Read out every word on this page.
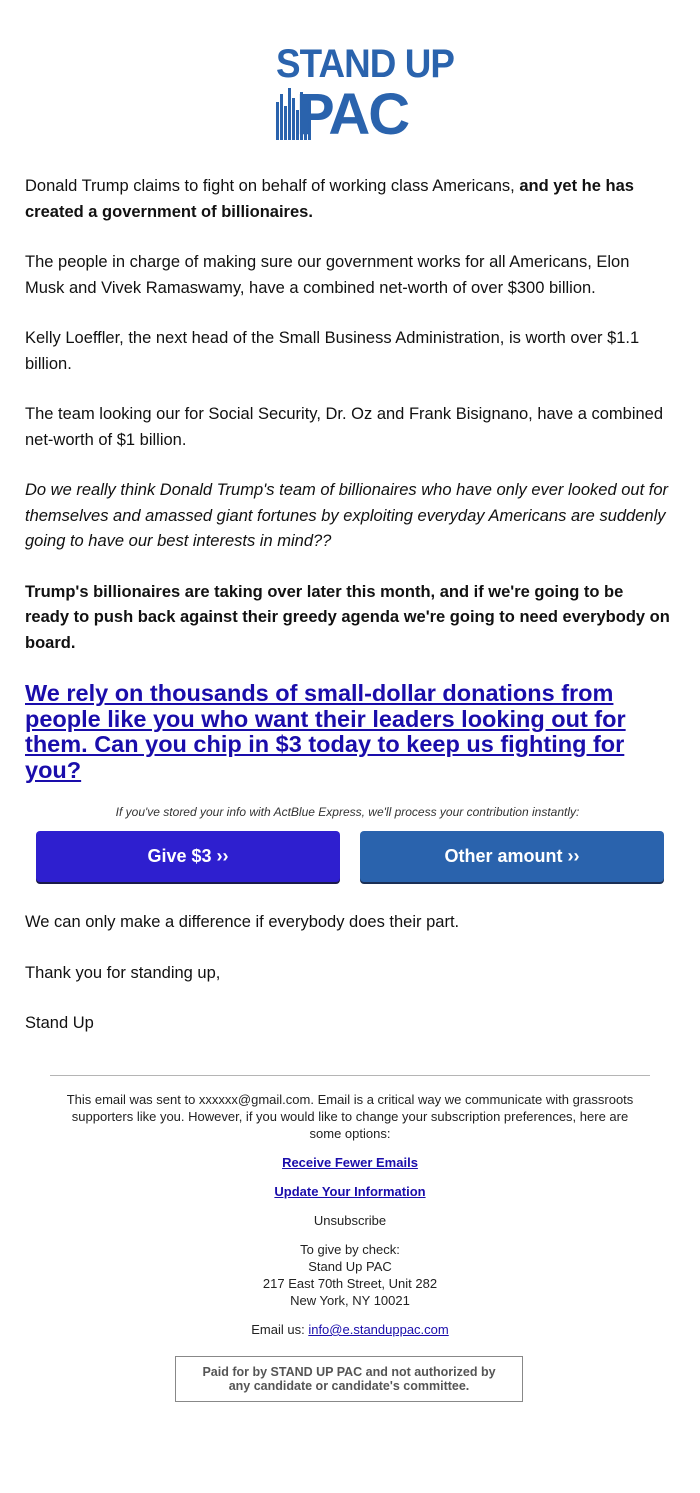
STAND UP
PAC

Donald Trump claims to fight on behalf of working class Americans, and yet he has created a government of billionaires.

The people in charge of making sure our government works for all Americans, Elon Musk and Vivek Ramaswamy, have a combined net-worth of over $300 billion.

Kelly Loeffler, the next head of the Small Business Administration, is worth over $1.1 billion.

The team looking our for Social Security, Dr. Oz and Frank Bisignano, have a combined net-worth of $1 billion.

Do we really think Donald Trump's team of billionaires who have only ever looked out for themselves and amassed giant fortunes by exploiting everyday Americans are suddenly going to have our best interests in mind??

Trump's billionaires are taking over later this month, and if we're going to be ready to push back against their greedy agenda we're going to need everybody on board.

We rely on thousands of small-dollar donations from people like you who want their leaders looking out for them. Can you chip in $3 today to keep us fighting for you?

If you've stored your info with ActBlue Express, we'll process your contribution instantly:

Give $3 ››	Other amount ››

We can only make a difference if everybody does their part.

Thank you for standing up,

Stand Up

This email was sent to xxxxxx@gmail.com. Email is a critical way we communicate with grassroots supporters like you. However, if you would like to change your subscription preferences, here are some options:
Receive Fewer Emails
Update Your Information
Unsubscribe
To give by check:
Stand Up PAC
217 East 70th Street, Unit 282
New York, NY 10021
Email us: info@e.standuppac.com
Paid for by STAND UP PAC and not authorized by any candidate or candidate's committee.
